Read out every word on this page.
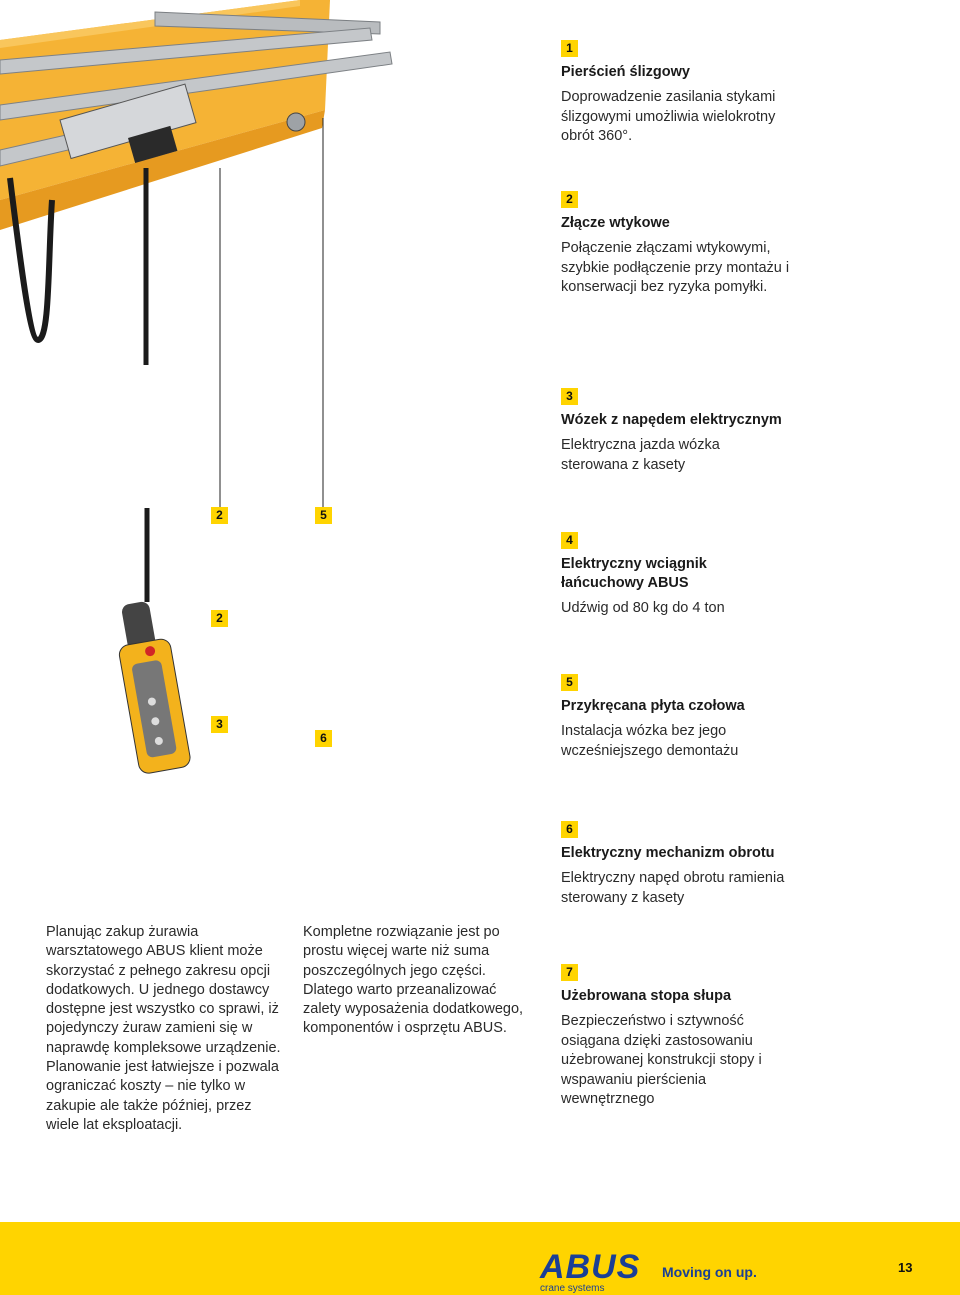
2	5
2
3
6
1

Pierścień ślizgowy

Doprowadzenie zasilania stykami ślizgowymi umożliwia wielokrotny obrót 360°.

2

Złącze wtykowe

Połączenie złączami wtykowymi, szybkie podłączenie przy montażu i konserwacji bez ryzyka pomyłki.

3

Wózek z napędem elektrycznym

Elektryczna jazda wózka sterowana z kasety

4

Elektryczny wciągnik łańcuchowy ABUS

Udźwig od 80 kg do 4 ton

5

Przykręcana płyta czołowa

Instalacja wózka bez jego wcześniejszego demontażu

6

Elektryczny mechanizm obrotu

Elektryczny napęd obrotu ramienia sterowany z kasety

7

Użebrowana stopa słupa

Bezpieczeństwo i sztywność osiągana dzięki zastosowaniu użebrowanej konstrukcji stopy i wspawaniu pierścienia wewnętrznego

Planując zakup żurawia warsztatowego ABUS klient może skorzystać z pełnego zakresu opcji dodatkowych. U jednego dostawcy dostępne jest wszystko co sprawi, iż pojedynczy żuraw zamieni się w naprawdę kompleksowe urządzenie. Planowanie jest łatwiejsze i pozwala ograniczać koszty – nie tylko w zakupie ale także później, przez wiele lat eksploatacji.

Kompletne rozwiązanie jest po prostu więcej warte niż suma poszczególnych jego części. Dlatego warto przeanalizować zalety wyposażenia dodatkowego, komponentów i osprzętu ABUS.

ABUS
crane systems
Moving on up.	13
